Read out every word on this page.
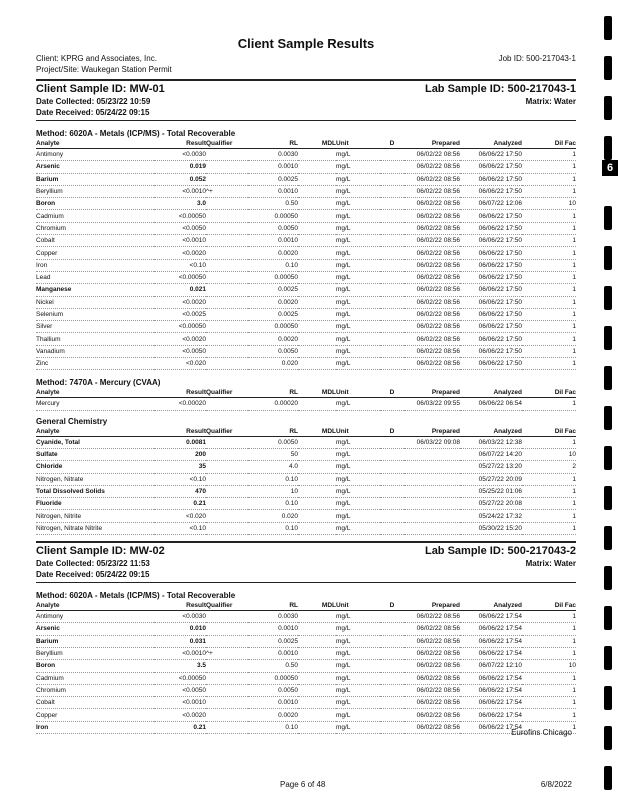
Client Sample Results
Client: KPRG and Associates, Inc.	Job ID: 500-217043-1
Project/Site: Waukegan Station Permit
Client Sample ID: MW-01	Lab Sample ID: 500-217043-1
Date Collected: 05/23/22 10:59	Matrix: Water
Date Received: 05/24/22 09:15
Method: 6020A - Metals (ICP/MS) - Total Recoverable
Analyte	Result	Qualifier	RL	MDL	Unit	D	Prepared	Analyzed	Dil Fac
Antimony	<0.0030		0.0030		mg/L		06/02/22 08:56	06/06/22 17:50	1
Arsenic	0.019		0.0010		mg/L		06/02/22 08:56	06/06/22 17:50	1
Barium	0.052		0.0025		mg/L		06/02/22 08:56	06/06/22 17:50	1
Beryllium	<0.0010	^+	0.0010		mg/L		06/02/22 08:56	06/06/22 17:50	1
Boron	3.0		0.50		mg/L		06/02/22 08:56	06/07/22 12:06	10
Cadmium	<0.00050		0.00050		mg/L		06/02/22 08:56	06/06/22 17:50	1
Chromium	<0.0050		0.0050		mg/L		06/02/22 08:56	06/06/22 17:50	1
Cobalt	<0.0010		0.0010		mg/L		06/02/22 08:56	06/06/22 17:50	1
Copper	<0.0020		0.0020		mg/L		06/02/22 08:56	06/06/22 17:50	1
Iron	<0.10		0.10		mg/L		06/02/22 08:56	06/06/22 17:50	1
Lead	<0.00050		0.00050		mg/L		06/02/22 08:56	06/06/22 17:50	1
Manganese	0.021		0.0025		mg/L		06/02/22 08:56	06/06/22 17:50	1
Nickel	<0.0020		0.0020		mg/L		06/02/22 08:56	06/06/22 17:50	1
Selenium	<0.0025		0.0025		mg/L		06/02/22 08:56	06/06/22 17:50	1
Silver	<0.00050		0.00050		mg/L		06/02/22 08:56	06/06/22 17:50	1
Thallium	<0.0020		0.0020		mg/L		06/02/22 08:56	06/06/22 17:50	1
Vanadium	<0.0050		0.0050		mg/L		06/02/22 08:56	06/06/22 17:50	1
Zinc	<0.020		0.020		mg/L		06/02/22 08:56	06/06/22 17:50	1
Method: 7470A - Mercury (CVAA)
Analyte	Result	Qualifier	RL	MDL	Unit	D	Prepared	Analyzed	Dil Fac
Mercury	<0.00020		0.00020		mg/L		06/03/22 09:55	06/06/22 06:54	1
General Chemistry
Analyte	Result	Qualifier	RL	MDL	Unit	D	Prepared	Analyzed	Dil Fac
Cyanide, Total	0.0081		0.0050		mg/L		06/03/22 09:08	06/03/22 12:38	1
Sulfate	200		50		mg/L			06/07/22 14:20	10
Chloride	35		4.0		mg/L			05/27/22 13:20	2
Nitrogen, Nitrate	<0.10		0.10		mg/L			05/27/22 20:09	1
Total Dissolved Solids	470		10		mg/L			05/25/22 01:06	1
Fluoride	0.21		0.10		mg/L			05/27/22 20:08	1
Nitrogen, Nitrite	<0.020		0.020		mg/L			05/24/22 17:32	1
Nitrogen, Nitrate Nitrite	<0.10		0.10		mg/L			05/30/22 15:20	1
Client Sample ID: MW-02	Lab Sample ID: 500-217043-2
Date Collected: 05/23/22 11:53	Matrix: Water
Date Received: 05/24/22 09:15
Method: 6020A - Metals (ICP/MS) - Total Recoverable
Analyte	Result	Qualifier	RL	MDL	Unit	D	Prepared	Analyzed	Dil Fac
Antimony	<0.0030		0.0030		mg/L		06/02/22 08:56	06/06/22 17:54	1
Arsenic	0.010		0.0010		mg/L		06/02/22 08:56	06/06/22 17:54	1
Barium	0.031		0.0025		mg/L		06/02/22 08:56	06/06/22 17:54	1
Beryllium	<0.0010	^+	0.0010		mg/L		06/02/22 08:56	06/06/22 17:54	1
Boron	3.5		0.50		mg/L		06/02/22 08:56	06/07/22 12:10	10
Cadmium	<0.00050		0.00050		mg/L		06/02/22 08:56	06/06/22 17:54	1
Chromium	<0.0050		0.0050		mg/L		06/02/22 08:56	06/06/22 17:54	1
Cobalt	<0.0010		0.0010		mg/L		06/02/22 08:56	06/06/22 17:54	1
Copper	<0.0020		0.0020		mg/L		06/02/22 08:56	06/06/22 17:54	1
Iron	0.21		0.10		mg/L		06/02/22 08:56	06/06/22 17:54	1
6
Eurofins Chicago
Page 6 of 48	6/8/2022
